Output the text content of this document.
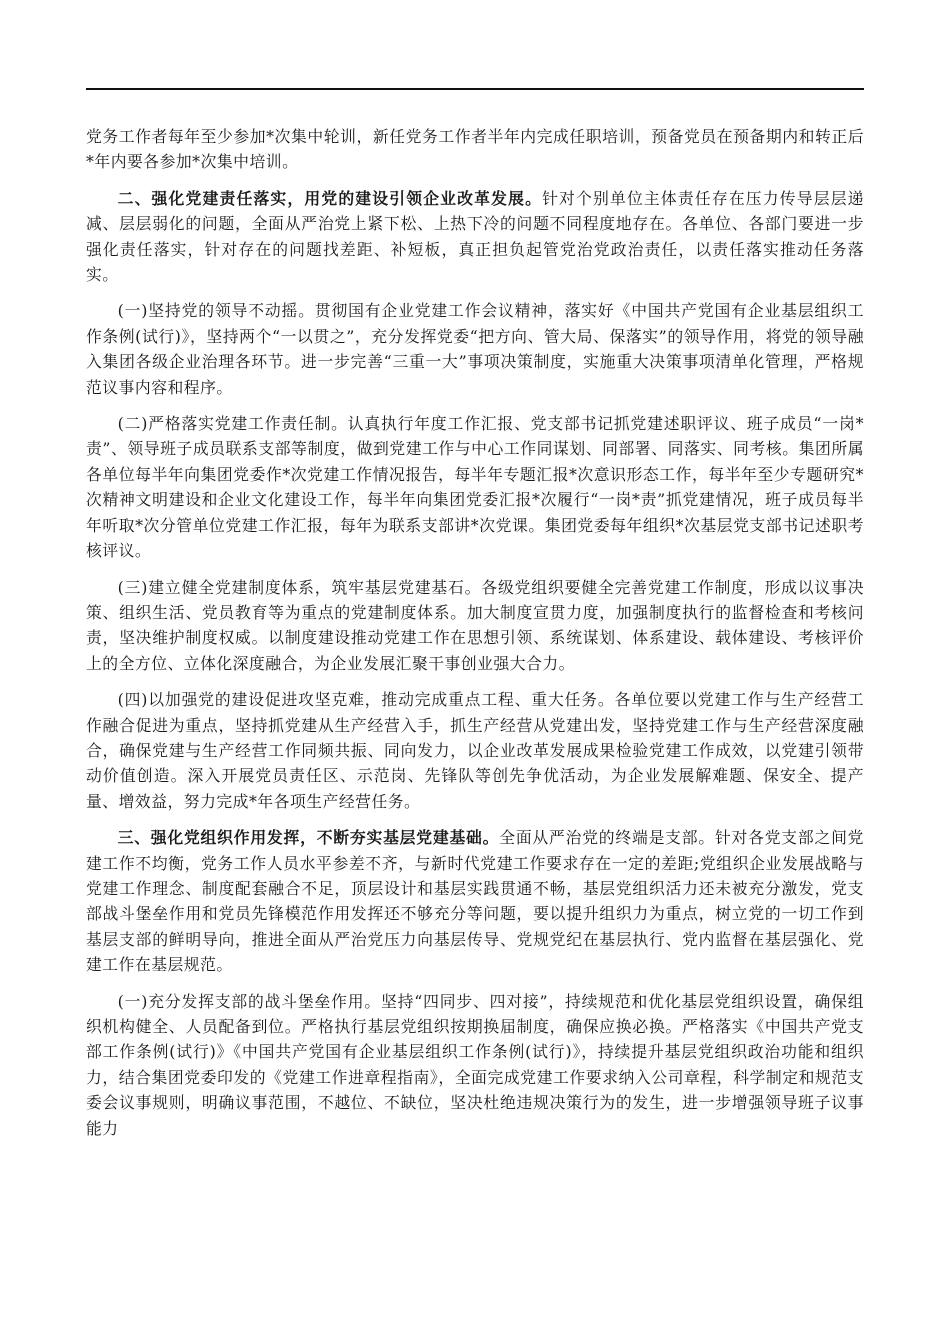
党务工作者每年至少参加*次集中轮训，新任党务工作者半年内完成任职培训，预备党员在预备期内和转正后*年内要各参加*次集中培训。

二、强化党建责任落实，用党的建设引领企业改革发展。针对个别单位主体责任存在压力传导层层递减、层层弱化的问题，全面从严治党上紧下松、上热下冷的问题不同程度地存在。各单位、各部门要进一步强化责任落实，针对存在的问题找差距、补短板，真正担负起管党治党政治责任，以责任落实推动任务落实。

(一)坚持党的领导不动摇。贯彻国有企业党建工作会议精神，落实好《中国共产党国有企业基层组织工作条例(试行)》，坚持两个“一以贯之”，充分发挥党委“把方向、管大局、保落实”的领导作用，将党的领导融入集团各级企业治理各环节。进一步完善“三重一大”事项决策制度，实施重大决策事项清单化管理，严格规范议事内容和程序。

(二)严格落实党建工作责任制。认真执行年度工作汇报、党支部书记抓党建述职评议、班子成员“一岗*责”、领导班子成员联系支部等制度，做到党建工作与中心工作同谋划、同部署、同落实、同考核。集团所属各单位每半年向集团党委作*次党建工作情况报告，每半年专题汇报*次意识形态工作，每半年至少专题研究*次精神文明建设和企业文化建设工作，每半年向集团党委汇报*次履行“一岗*责”抓党建情况，班子成员每半年听取*次分管单位党建工作汇报，每年为联系支部讲*次党课。集团党委每年组织*次基层党支部书记述职考核评议。

(三)建立健全党建制度体系，筑牢基层党建基石。各级党组织要健全完善党建工作制度，形成以议事决策、组织生活、党员教育等为重点的党建制度体系。加大制度宣贯力度，加强制度执行的监督检查和考核问责，坚决维护制度权威。以制度建设推动党建工作在思想引领、系统谋划、体系建设、载体建设、考核评价上的全方位、立体化深度融合，为企业发展汇聚干事创业强大合力。

(四)以加强党的建设促进攻坚克难，推动完成重点工程、重大任务。各单位要以党建工作与生产经营工作融合促进为重点，坚持抓党建从生产经营入手，抓生产经营从党建出发，坚持党建工作与生产经营深度融合，确保党建与生产经营工作同频共振、同向发力，以企业改革发展成果检验党建工作成效，以党建引领带动价值创造。深入开展党员责任区、示范岗、先锋队等创先争优活动，为企业发展解难题、保安全、提产量、增效益，努力完成*年各项生产经营任务。

三、强化党组织作用发挥，不断夯实基层党建基础。全面从严治党的终端是支部。针对各党支部之间党建工作不均衡，党务工作人员水平参差不齐，与新时代党建工作要求存在一定的差距;党组织企业发展战略与党建工作理念、制度配套融合不足，顶层设计和基层实践贯通不畅，基层党组织活力还未被充分激发，党支部战斗堡垒作用和党员先锋模范作用发挥还不够充分等问题，要以提升组织力为重点，树立党的一切工作到基层支部的鲜明导向，推进全面从严治党压力向基层传导、党规党纪在基层执行、党内监督在基层强化、党建工作在基层规范。

(一)充分发挥支部的战斗堡垒作用。坚持“四同步、四对接”，持续规范和优化基层党组织设置，确保组织机构健全、人员配备到位。严格执行基层党组织按期换届制度，确保应换必换。严格落实《中国共产党支部工作条例(试行)》《中国共产党国有企业基层组织工作条例(试行)》，持续提升基层党组织政治功能和组织力，结合集团党委印发的《党建工作进章程指南》，全面完成党建工作要求纳入公司章程，科学制定和规范支委会议事规则，明确议事范围，不越位、不缺位，坚决杜绝违规决策行为的发生，进一步增强领导班子议事能力
